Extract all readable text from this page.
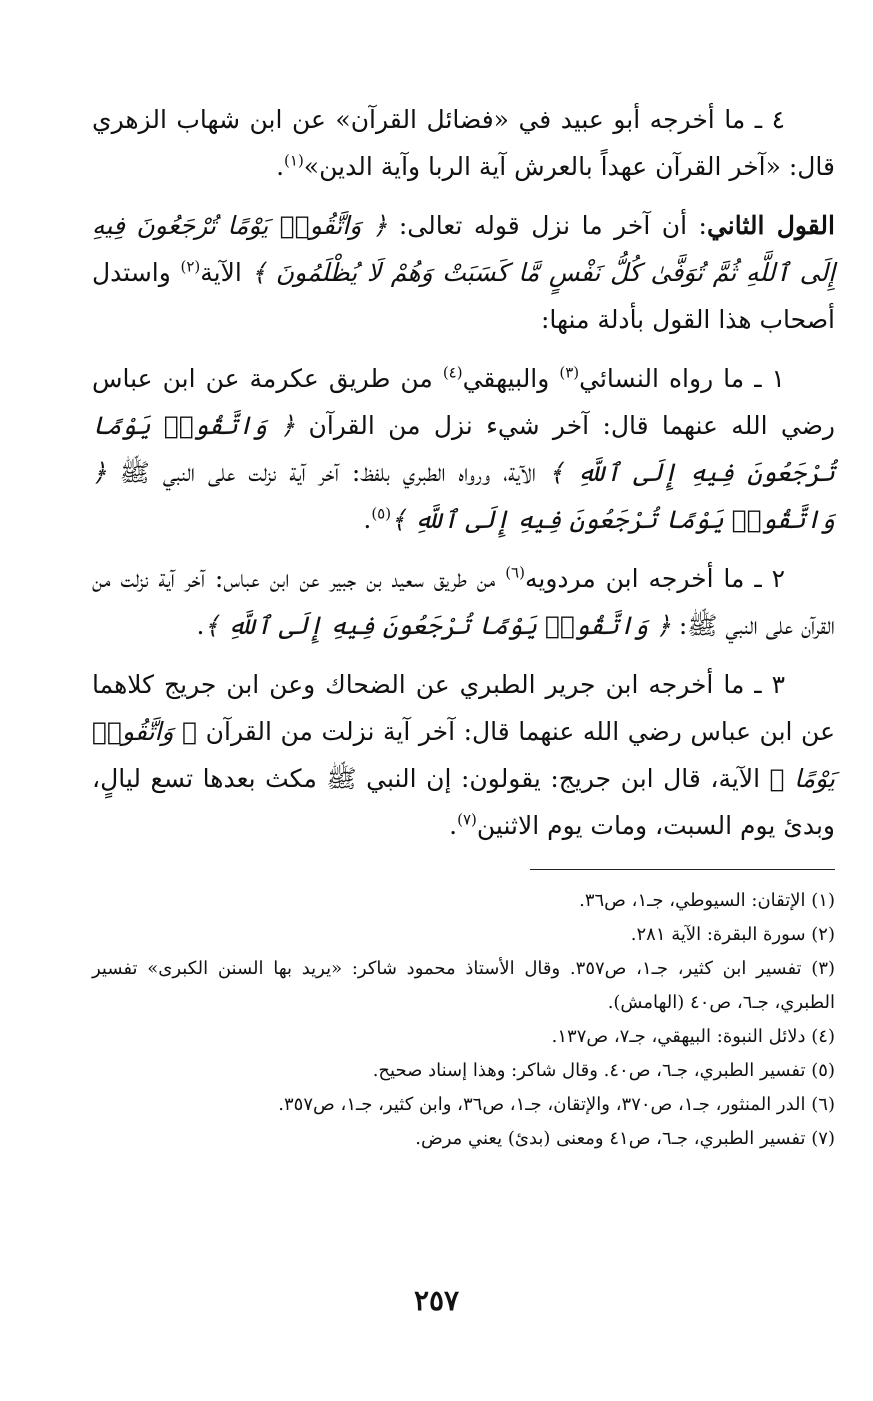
٤ ـ ما أخرجه أبو عبيد في «فضائل القرآن» عن ابن شهاب الزهري قال: «آخر القرآن عهداً بالعرش آية الربا وآية الدين»$^{(١)}$.

القول الثاني: أن آخر ما نزل قوله تعالى: ﴿ وَاتَّقُوا۟ يَوْمًا تُرْجَعُونَ فِيهِ إِلَى ٱللَّهِ ثُمَّ تُوَفَّىٰ كُلُّ نَفْسٍ مَّا كَسَبَتْ وَهُمْ لَا يُظْلَمُونَ ﴾ الآية$^{(٢)}$ واستدل أصحاب هذا القول بأدلة منها:

١ ـ ما رواه النسائي$^{(٣)}$ والبيهقي$^{(٤)}$ من طريق عكرمة عن ابن عباس رضي الله عنهما قال: آخر شيء نزل من القرآن ﴿ وَاتَّقُوا۟ يَوْمًا تُرْجَعُونَ فِيهِ إِلَى ٱللَّهِ ﴾ الآية، ورواه الطبري بلفظ: آخر آية نزلت على النبي ﷺ ﴿ وَاتَّقُوا۟ يَوْمًا تُرْجَعُونَ فِيهِ إِلَى ٱللَّهِ ﴾$^{(٥)}$.

٢ ـ ما أخرجه ابن مردويه$^{(٦)}$ من طريق سعيد بن جبير عن ابن عباس: آخر آية نزلت من القرآن على النبي ﷺ: ﴿ وَاتَّقُوا۟ يَوْمًا تُرْجَعُونَ فِيهِ إِلَى ٱللَّهِ ﴾.

٣ ـ ما أخرجه ابن جرير الطبري عن الضحاك وعن ابن جريج كلاهما عن ابن عباس رضي الله عنهما قال: آخر آية نزلت من القرآن ﴿ وَاتَّقُوا۟ يَوْمًا ﴾ الآية، قال ابن جريج: يقولون: إن النبي ﷺ مكث بعدها تسع ليالٍ، وبدئ يوم السبت، ومات يوم الاثنين$^{(٧)}$.

(١) الإتقان: السيوطي، جـ١، ص٣٦.

(٢) سورة البقرة: الآية ٢٨١.

(٣) تفسير ابن كثير، جـ١، ص٣٥٧. وقال الأستاذ محمود شاكر: «يريد بها السنن الكبرى» تفسير الطبري، جـ٦، ص٤٠ (الهامش).

(٤) دلائل النبوة: البيهقي، جـ٧، ص١٣٧.

(٥) تفسير الطبري، جـ٦، ص٤٠. وقال شاكر: وهذا إسناد صحيح.

(٦) الدر المنثور، جـ١، ص٣٧٠، والإتقان، جـ١، ص٣٦، وابن كثير، جـ١، ص٣٥٧.

(٧) تفسير الطبري، جـ٦، ص٤١ ومعنى (بدئ) يعني مرض.

٢٥٧
